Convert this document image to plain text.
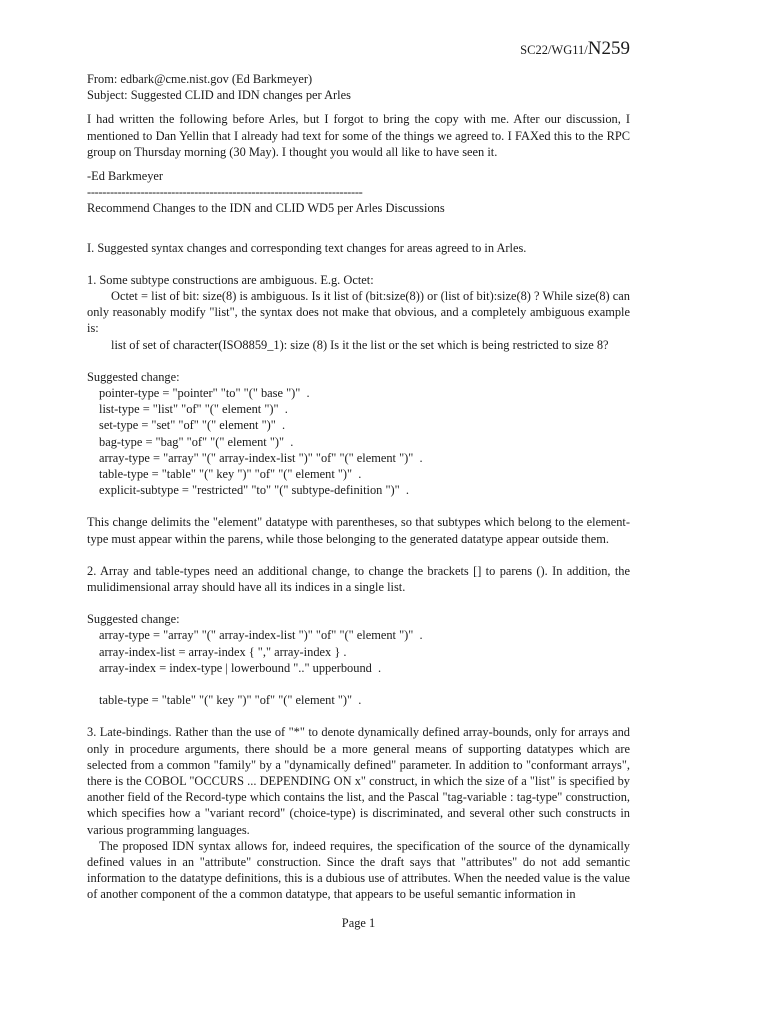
SC22/WG11/N259

From: edbark@cme.nist.gov (Ed Barkmeyer)

Subject: Suggested CLID and IDN changes per Arles

I had written the following before Arles, but I forgot to bring the copy with me. After our discussion, I mentioned to Dan Yellin that I already had text for some of the things we agreed to. I FAXed this to the RPC group on Thursday morning (30 May). I thought you would all like to have seen it.

-Ed Barkmeyer

------------------------------------------------------------------------

Recommend Changes to the IDN and CLID WD5 per Arles Discussions

I. Suggested syntax changes and corresponding text changes for areas agreed to in Arles.

1. Some subtype constructions are ambiguous. E.g. Octet:

Octet = list of bit: size(8) is ambiguous. Is it list of (bit:size(8)) or (list of bit):size(8) ? While size(8) can only reasonably modify "list", the syntax does not make that obvious, and a completely ambiguous example is:

list of set of character(ISO8859_1): size (8) Is it the list or the set which is being restricted to size 8?

Suggested change:

pointer-type = "pointer" "to" "(" base ")"  .

list-type = "list" "of" "(" element ")"  .

set-type = "set" "of" "(" element ")"  .

bag-type = "bag" "of" "(" element ")"  .

array-type = "array" "(" array-index-list ")" "of" "(" element ")"  .

table-type = "table" "(" key ")" "of" "(" element ")"  .

explicit-subtype = "restricted" "to" "(" subtype-definition ")"  .

This change delimits the "element" datatype with parentheses, so that subtypes which belong to the element-type must appear within the parens, while those belonging to the generated datatype appear outside them.

2. Array and table-types need an additional change, to change the brackets [] to parens (). In addition, the mulidimensional array should have all its indices in a single list.

Suggested change:

array-type = "array" "(" array-index-list ")" "of" "(" element ")"  .

array-index-list = array-index { "," array-index } .

array-index = index-type | lowerbound ".." upperbound  .

table-type = "table" "(" key ")" "of" "(" element ")"  .

3. Late-bindings. Rather than the use of "*" to denote dynamically defined array-bounds, only for arrays and only in procedure arguments, there should be a more general means of supporting datatypes which are selected from a common "family" by a "dynamically defined" parameter. In addition to "conformant arrays", there is the COBOL "OCCURS ... DEPENDING ON x" construct, in which the size of a "list" is specified by another field of the Record-type which contains the list, and the Pascal "tag-variable : tag-type" construction, which specifies how a "variant record" (choice-type) is discriminated, and several other such constructs in various programming languages.

The proposed IDN syntax allows for, indeed requires, the specification of the source of the dynamically defined values in an "attribute" construction. Since the draft says that "attributes" do not add semantic information to the datatype definitions, this is a dubious use of attributes. When the needed value is the value of another component of the a common datatype, that appears to be useful semantic information in

Page 1
